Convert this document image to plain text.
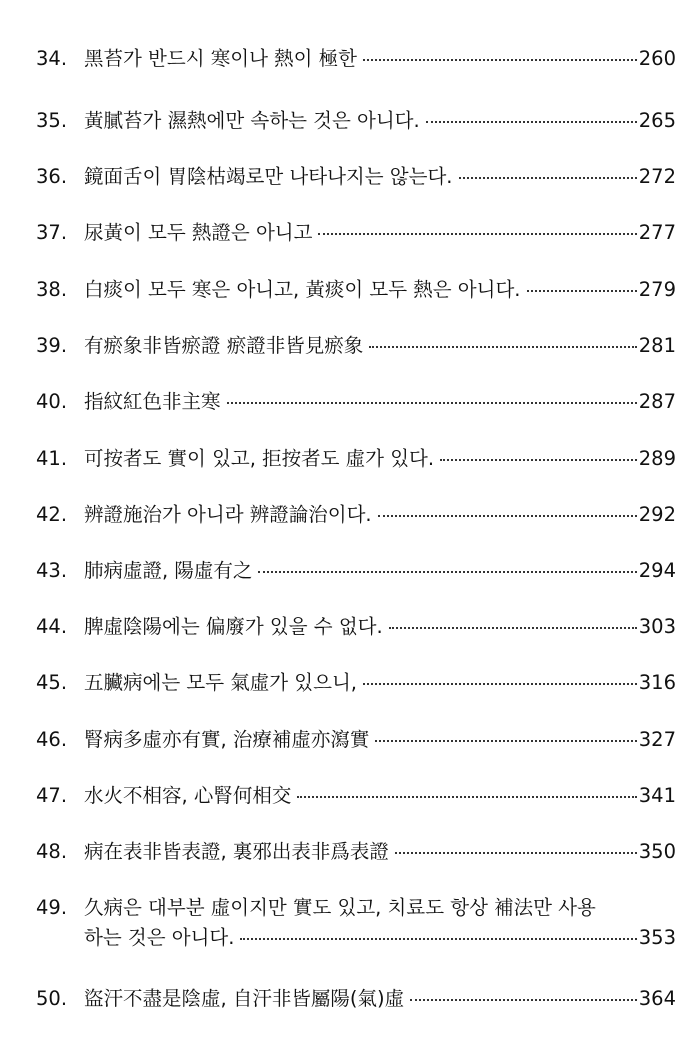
34. 黑苔가 반드시 寒이나 熱이 極한	260
35. 黃膩苔가 濕熱에만 속하는 것은 아니다.	265
36. 鏡面舌이 胃陰枯竭로만 나타나지는 않는다.	272
37. 尿黃이 모두 熱證은 아니고	277
38. 白痰이 모두 寒은 아니고, 黃痰이 모두 熱은 아니다.	279
39. 有瘀象非皆瘀證 瘀證非皆見瘀象	281
40. 指紋紅色非主寒	287
41. 可按者도 實이 있고, 拒按者도 虛가 있다.	289
42. 辨證施治가 아니라 辨證論治이다.	292
43. 肺病虛證, 陽虛有之	294
44. 脾虛陰陽에는 偏廢가 있을 수 없다.	303
45. 五臟病에는 모두 氣虛가 있으니,	316
46. 腎病多虛亦有實, 治療補虛亦瀉實	327
47. 水火不相容, 心腎何相交	341
48. 病在表非皆表證, 裏邪出表非爲表證	350
49. 久病은 대부분 虛이지만 實도 있고, 치료도 항상 補法만 사용
하는 것은 아니다.	353
50. 盜汗不盡是陰虛, 自汗非皆屬陽(氣)虛	364
